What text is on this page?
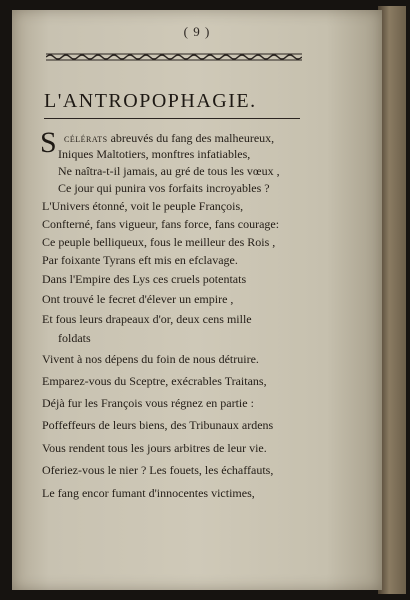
( 9 )
L'ANTROPOPHAGIE.
S célérats abreuvés du fang des malheureux,
Iniques Maltotiers, monftres infatiables,
Ne naîtra-t-il jamais, au gré de tous les vœux ,
Ce jour qui punira vos forfaits incroyables ?
L'Univers étonné, voit le peuple François,
Confterné, fans vigueur, fans force, fans courage:
Ce peuple belliqueux, fous le meilleur des Rois ,
Par foixante Tyrans eft mis en efclavage.
Dans l'Empire des Lys ces cruels potentats
Ont trouvé le fecret d'élever un empire ,
Et fous leurs drapeaux d'or, deux cens mille
foldats
Vivent à nos dépens du foin de nous détruire.
Emparez-vous du Sceptre, exécrables Traitans,
Déjà fur les François vous régnez en partie :
Poffeffeurs de leurs biens, des Tribunaux ardens
Vous rendent tous les jours arbitres de leur vie.
Oferiez-vous le nier ? Les fouets, les échaffauts,
Le fang encor fumant d'innocentes victimes,
